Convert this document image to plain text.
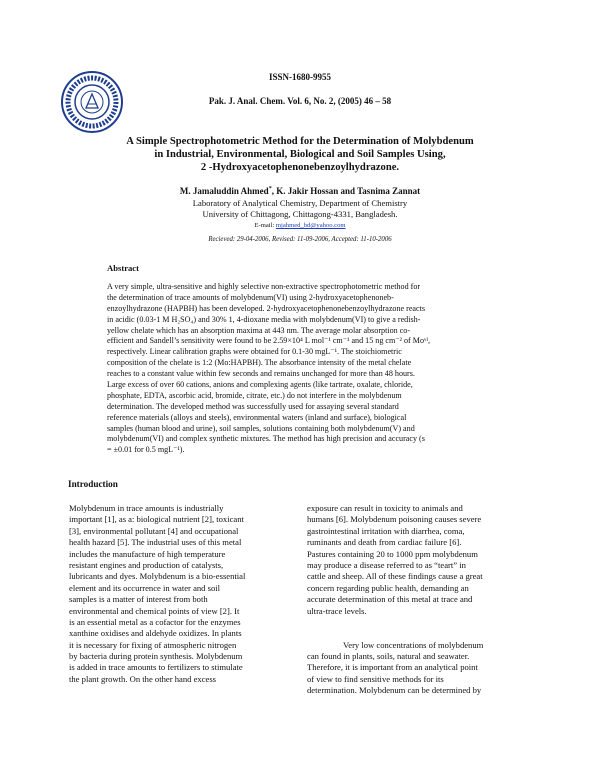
ISSN-1680-9955
Pak. J. Anal. Chem. Vol. 6, No. 2, (2005) 46 – 58
A Simple Spectrophotometric Method for the Determination of Molybdenum
in Industrial, Environmental, Biological and Soil Samples Using,
2 -Hydroxyacetophenonebenzoylhydrazone.
M. Jamaluddin Ahmed*, K. Jakir Hossan and Tasnima Zannat
Laboratory of Analytical Chemistry, Department of Chemistry
University of Chittagong, Chittagong-4331, Bangladesh.
E-mail: mjahmed_bd@yahoo.com
Recieved: 29-04-2006, Revised: 11-09-2006, Accepted: 11-10-2006
Abstract
A very simple, ultra-sensitive and highly selective non-extractive spectrophotometric method for
the determination of trace amounts of molybdenum(VI) using 2-hydroxyacetophenoneb-
enzoylhydrazone (HAPBH) has been developed. 2-hydroxyacetophenonebenzoylhydrazone reacts
in acidic (0.03-1 M H₂SO₄) and 30% 1, 4-dioxane media with molybdenum(VI) to give a redish-
yellow chelate which has an absorption maxima at 443 nm. The average molar absorption co-
efficient and Sandell’s sensitivity were found to be 2.59×10⁴ L mol⁻¹ cm⁻¹ and 15 ng cm⁻² of Moᵛᴵ,
respectively. Linear calibration graphs were obtained for 0.1-30 mgL⁻¹. The stoichiometric
composition of the chelate is 1:2 (Mo:HAPBH). The absorbance intensity of the metal chelate
reaches to a constant value within few seconds and remains unchanged for more than 48 hours.
Large excess of over 60 cations, anions and complexing agents (like tartrate, oxalate, chloride,
phosphate, EDTA, ascorbic acid, bromide, citrate, etc.) do not interfere in the molybdenum
determination. The developed method was successfully used for assaying several standard
reference materials (alloys and steels), environmental waters (inland and surface), biological
samples (human blood and urine), soil samples, solutions containing both molybdenum(V) and
molybdenum(VI) and complex synthetic mixtures. The method has high precision and accuracy (s
= ±0.01 for 0.5 mgL⁻¹).
Introduction
Molybdenum in trace amounts is industrially
important [1], as a: biological nutrient [2], toxicant
[3], environmental pollutant [4] and occupational
health hazard [5]. The industrial uses of this metal
includes the manufacture of high temperature
resistant engines and production of catalysts,
lubricants and dyes. Molybdenum is a bio-essential
element and its occurrence in water and soil
samples is a matter of interest from both
environmental and chemical points of view [2]. It
is an essential metal as a cofactor for the enzymes
xanthine oxidises and aldehyde oxidizes. In plants
it is necessary for fixing of atmospheric nitrogen
by bacteria during protein synthesis. Molybdenum
is added in trace amounts to fertilizers to stimulate
the plant growth. On the other hand excess
exposure can result in toxicity to animals and
humans [6]. Molybdenum poisoning causes severe
gastrointestinal irritation with diarrhea, coma,
ruminants and death from cardiac failure [6].
Pastures containing 20 to 1000 ppm molybdenum
may produce a disease referred to as “teart” in
cattle and sheep. All of these findings cause a great
concern regarding public health, demanding an
accurate determination of this metal at trace and
ultra-trace levels.
Very low concentrations of molybdenum
can found in plants, soils, natural and seawater.
Therefore, it is important from an analytical point
of view to find sensitive methods for its
determination. Molybdenum can be determined by
